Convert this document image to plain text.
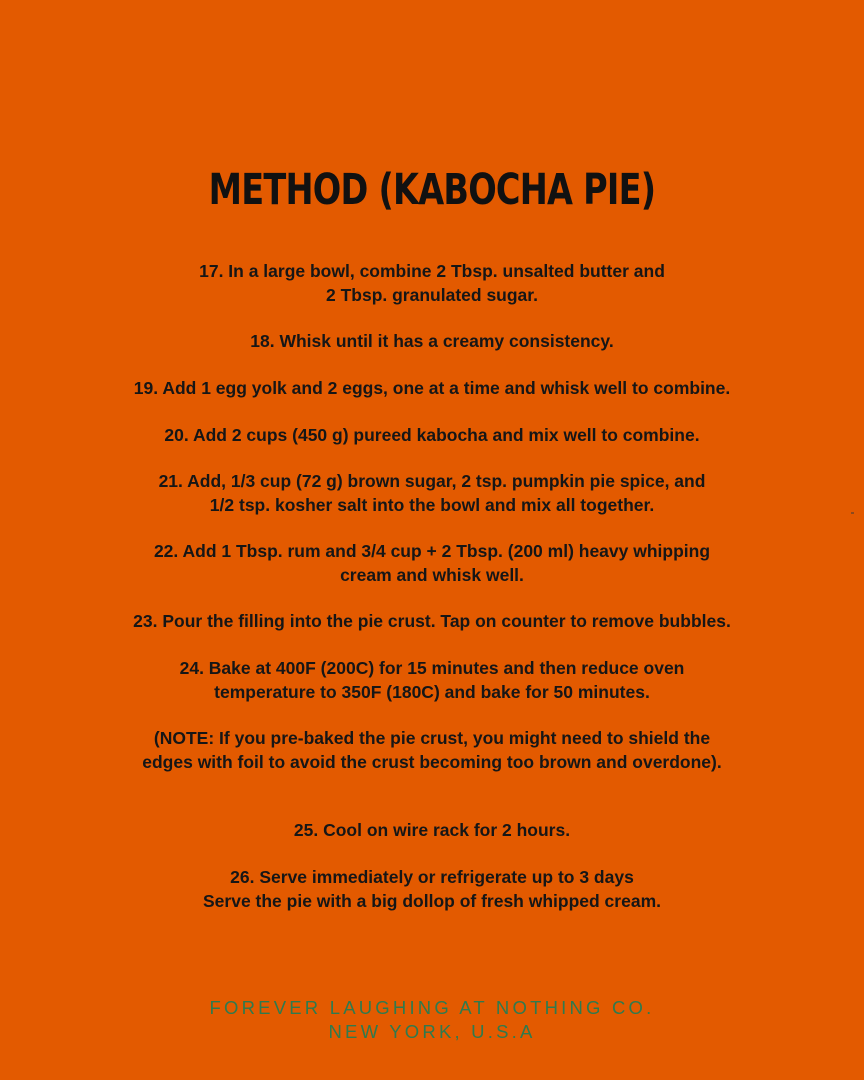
METHOD (KABOCHA PIE)
17. In a large bowl, combine 2 Tbsp. unsalted butter and
2 Tbsp. granulated sugar.
18. Whisk until it has a creamy consistency.
19. Add 1 egg yolk and 2 eggs, one at a time and whisk well to combine.
20. Add 2 cups (450 g) pureed kabocha and mix well to combine.
21. Add, 1/3 cup (72 g) brown sugar, 2 tsp. pumpkin pie spice, and
1/2 tsp. kosher salt into the bowl and mix all together.
22. Add 1 Tbsp. rum and 3/4 cup + 2 Tbsp. (200 ml) heavy whipping
cream and whisk well.
23. Pour the filling into the pie crust. Tap on counter to remove bubbles.
24. Bake at 400F (200C) for 15 minutes and then reduce oven
temperature to 350F (180C) and bake for 50 minutes.
(NOTE: If you pre-baked the pie crust, you might need to shield the
edges with foil to avoid the crust becoming too brown and overdone).
25. Cool on wire rack for 2 hours.
26. Serve immediately or refrigerate up to 3 days
Serve the pie with a big dollop of fresh whipped cream.
FOREVER LAUGHING AT NOTHING CO.
NEW YORK, U.S.A
